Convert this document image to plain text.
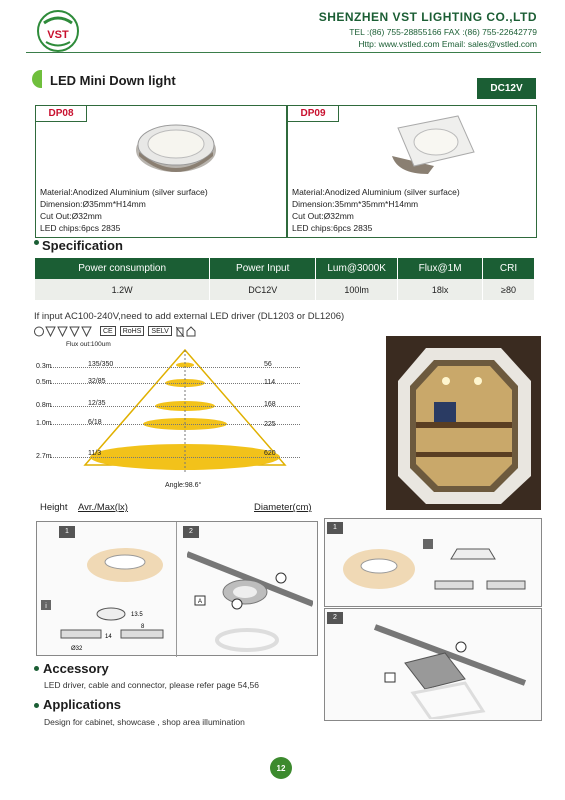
VST
SHENZHEN VST LIGHTING CO.,LTD
TEL :(86) 755-28855166 FAX :(86) 755-22642779
Http: www.vstled.com Email: sales@vstled.com
LED Mini Down light
DC12V
DP08
Material:Anodized Aluminium (silver surface)
Dimension:Ø35mm*H14mm
Cut Out:Ø32mm
LED chips:6pcs 2835
DP09
Material:Anodized Aluminium (silver surface)
Dimension:35mm*35mm*H14mm
Cut Out:Ø32mm
LED chips:6pcs 2835
Specification
Power consumption	Power Input	Lum@3000K	Flux@1M	CRI
1.2W	DC12V	100lm	18lx	≥80
If input AC100-240V,need to add external LED driver (DL1203 or DL1206)
CE	RoHS	SELV
Flux out:100um
0.3m
0.5m
0.8m
1.0m
2.7m
135/350
32/85
12/35
6/18
11/3
56
114
168
225
620
Angle:98.6°
Height Avr./Max(lx)	Diameter(cm)
1	2
A
i
13.5
Ø32
14
8
1
2
Accessory
LED driver, cable and connector, please refer page 54,56
Applications
Design for cabinet, showcase , shop area illumination
12
